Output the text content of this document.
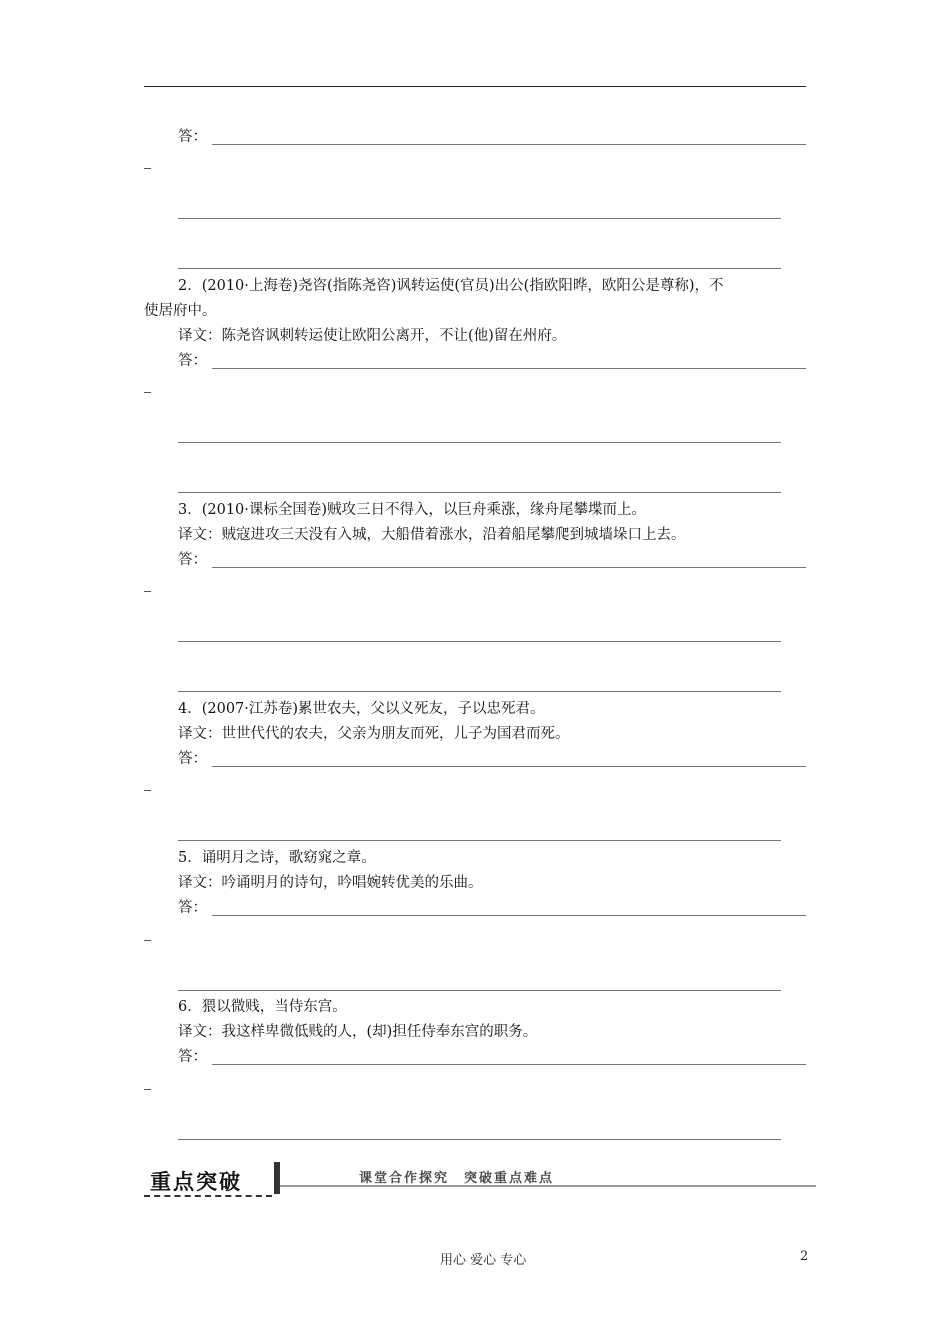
答：
2．(2010·上海卷)尧咨(指陈尧咨)讽转运使(官员)出公(指欧阳晔，欧阳公是尊称)，不
使居府中。
译文：陈尧咨讽刺转运使让欧阳公离开，不让(他)留在州府。
答：
3．(2010·课标全国卷)贼攻三日不得入，以巨舟乘涨，缘舟尾攀堞而上。
译文：贼寇进攻三天没有入城，大船借着涨水，沿着船尾攀爬到城墙垛口上去。
答：
4．(2007·江苏卷)累世农夫，父以义死友，子以忠死君。
译文：世世代代的农夫，父亲为朋友而死，儿子为国君而死。
答：
5．诵明月之诗，歌窈窕之章。
译文：吟诵明月的诗句，吟唱婉转优美的乐曲。
答：
6．猥以微贱，当侍东宫。
译文：我这样卑微低贱的人，(却)担任侍奉东宫的职务。
答：
重点突破	课堂合作探究　突破重点难点
用心 爱心 专心	2
